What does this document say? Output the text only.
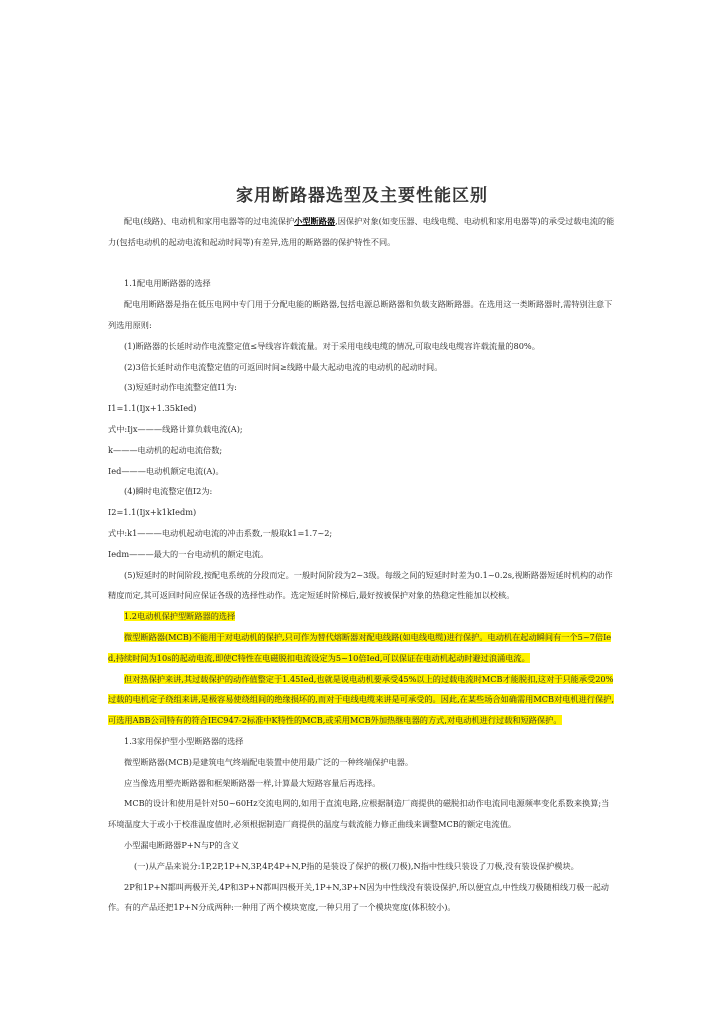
家用断路器选型及主要性能区别

配电(线路)、电动机和家用电器等的过电流保护小型断路器,因保护对象(如变压器、电线电缆、电动机和家用电器等)的承受过载电流的能力(包括电动机的起动电流和起动时间等)有差异,选用的断路器的保护特性不同。

1.1配电用断路器的选择

配电用断路器是指在低压电网中专门用于分配电能的断路器,包括电源总断路器和负载支路断路器。在选用这一类断路器时,需特别注意下列选用原则:

(1)断路器的长延时动作电流整定值≤导线容许载流量。对于采用电线电缆的情况,可取电线电缆容许载流量的80%。

(2)3倍长延时动作电流整定值的可返回时间≥线路中最大起动电流的电动机的起动时间。

(3)短延时动作电流整定值I1为:

I1=1.1(Ijx+1.35kIed)

式中:Ijx———线路计算负载电流(A);

k———电动机的起动电流倍数;

Ied———电动机额定电流(A)。

(4)瞬时电流整定值I2为:

I2=1.1(Ijx+k1kIedm)

式中:k1———电动机起动电流的冲击系数,一般取k1=1.7~2;

Iedm———最大的一台电动机的额定电流。

(5)短延时的时间阶段,按配电系统的分段而定。一般时间阶段为2~3级。每级之间的短延时时差为0.1~0.2s,视断路器短延时机构的动作精度而定,其可返回时间应保证各级的选择性动作。选定短延时阶梯后,最好按被保护对象的热稳定性能加以校核。

1.2电动机保护型断路器的选择

微型断路器(MCB)不能用于对电动机的保护,只可作为替代熔断器对配电线路(如电线电缆)进行保护。电动机在起动瞬间有一个5~7倍Ied,持续时间为10s的起动电流,即使C特性在电磁脱扣电流设定为5~10倍Ied,可以保证在电动机起动时避过浪涌电流。

但对热保护来讲,其过载保护的动作值整定于1.45Ied,也就是说电动机要承受45%以上的过载电流时MCB才能脱扣,这对于只能承受20%过载的电机定子绕组来讲,是极容易使绕组间的绝缘损坏的,而对于电线电缆来讲是可承受的。因此,在某些场合如确需用MCB对电机进行保护,可选用ABB公司特有的符合IEC947-2标准中K特性的MCB,或采用MCB外加热继电器的方式,对电动机进行过载和短路保护。

1.3家用保护型小型断路器的选择

微型断路器(MCB)是建筑电气终端配电装置中使用最广泛的一种终端保护电器。

应当像选用塑壳断路器和框架断路器一样,计算最大短路容量后再选择。

MCB的设计和使用是针对50~60Hz交流电网的,如用于直流电路,应根据制造厂商提供的磁脱扣动作电流同电源频率变化系数来换算;当环境温度大于或小于校准温度值时,必须根据制造厂商提供的温度与载流能力修正曲线来调整MCB的额定电流值。

小型漏电断路器P+N与P的含义

(一)从产品来说分:1P,2P,1P+N,3P,4P,4P+N,P指的是装设了保护的极(刀极),N指中性线只装设了刀极,没有装设保护模块。

2P和1P+N都叫两极开关,4P和3P+N都叫四极开关,1P+N,3P+N因为中性线没有装设保护,所以便宜点,中性线刀极随相线刀极一起动作。有的产品还把1P+N分成两种:一种用了两个模块宽度,一种只用了一个模块宽度(体积较小)。
